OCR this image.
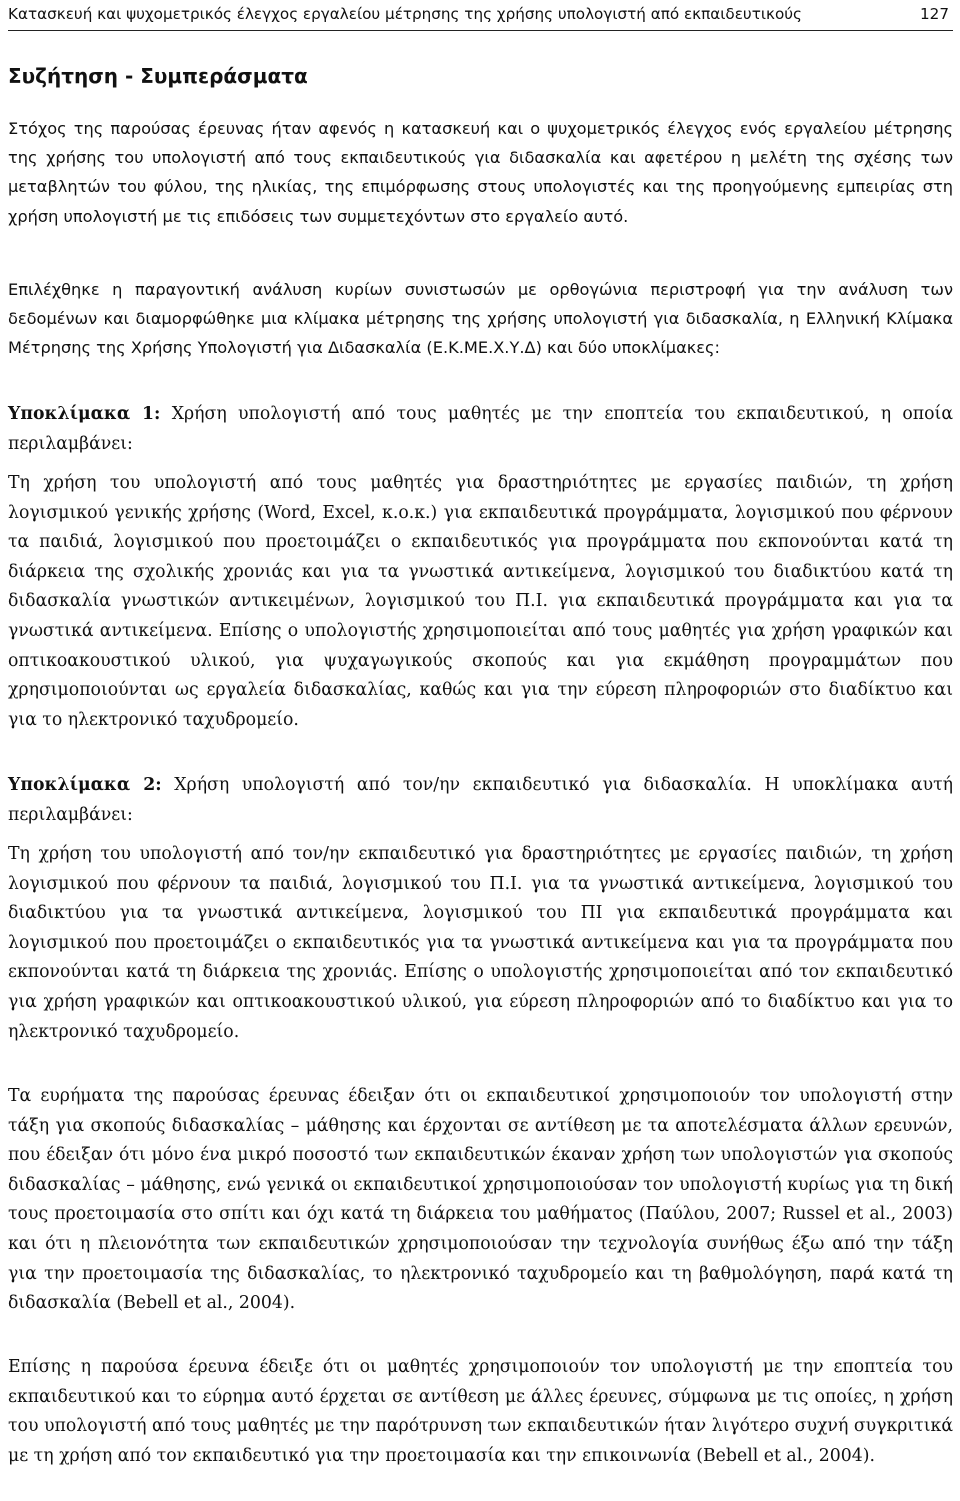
Κατασκευή και ψυχομετρικός έλεγχος εργαλείου μέτρησης της χρήσης υπολογιστή από εκπαιδευτικούς	127
Συζήτηση - Συμπεράσματα

Στόχος της παρούσας έρευνας ήταν αφενός η κατασκευή και ο ψυχομετρικός έλεγχος ενός εργαλείου μέτρησης της χρήσης του υπολογιστή από τους εκπαιδευτικούς για διδασκαλία και αφετέρου η μελέτη της σχέσης των μεταβλητών του φύλου, της ηλικίας, της επιμόρφωσης στους υπολογιστές και της προηγούμενης εμπειρίας στη χρήση υπολογιστή με τις επιδόσεις των συμμετεχόντων στο εργαλείο αυτό.

Επιλέχθηκε η παραγοντική ανάλυση κυρίων συνιστωσών με ορθογώνια περιστροφή για την ανάλυση των δεδομένων και διαμορφώθηκε μια κλίμακα μέτρησης της χρήσης υπολογιστή για διδασκαλία, η Ελληνική Κλίμακα Μέτρησης της Χρήσης Υπολογιστή για Διδασκαλία (Ε.Κ.ΜΕ.Χ.Υ.Δ) και δύο υποκλίμακες:

Υποκλίμακα 1: Χρήση υπολογιστή από τους μαθητές με την εποπτεία του εκπαιδευτικού, η οποία περιλαμβάνει:

Τη χρήση του υπολογιστή από τους μαθητές για δραστηριότητες με εργασίες παιδιών, τη χρήση λογισμικού γενικής χρήσης (Word, Excel, κ.ο.κ.) για εκπαιδευτικά προγράμματα, λογισμικού που φέρνουν τα παιδιά, λογισμικού που προετοιμάζει ο εκπαιδευτικός για προγράμματα που εκπονούνται κατά τη διάρκεια της σχολικής χρονιάς και για τα γνωστικά αντικείμενα, λογισμικού του διαδικτύου κατά τη διδασκαλία γνωστικών αντικειμένων, λογισμικού του Π.Ι. για εκπαιδευτικά προγράμματα και για τα γνωστικά αντικείμενα. Επίσης ο υπολογιστής χρησιμοποιείται από τους μαθητές για χρήση γραφικών και οπτικοακουστικού υλικού, για ψυχαγωγικούς σκοπούς και για εκμάθηση προγραμμάτων που χρησιμοποιούνται ως εργαλεία διδασκαλίας, καθώς και για την εύρεση πληροφοριών στο διαδίκτυο και για το ηλεκτρονικό ταχυδρομείο.

Υποκλίμακα 2: Χρήση υπολογιστή από τον/ην εκπαιδευτικό για διδασκαλία. Η υποκλίμακα αυτή περιλαμβάνει:

Τη χρήση του υπολογιστή από τον/ην εκπαιδευτικό για δραστηριότητες με εργασίες παιδιών, τη χρήση λογισμικού που φέρνουν τα παιδιά, λογισμικού του Π.Ι. για τα γνωστικά αντικείμενα, λογισμικού του διαδικτύου για τα γνωστικά αντικείμενα, λογισμικού του ΠΙ για εκπαιδευτικά προγράμματα και λογισμικού που προετοιμάζει ο εκπαιδευτικός για τα γνωστικά αντικείμενα και για τα προγράμματα που εκπονούνται κατά τη διάρκεια της χρονιάς. Επίσης ο υπολογιστής χρησιμοποιείται από τον εκπαιδευτικό για χρήση γραφικών και οπτικοακουστικού υλικού, για εύρεση πληροφοριών από το διαδίκτυο και για το ηλεκτρονικό ταχυδρομείο.

Τα ευρήματα της παρούσας έρευνας έδειξαν ότι οι εκπαιδευτικοί χρησιμοποιούν τον υπολογιστή στην τάξη για σκοπούς διδασκαλίας – μάθησης και έρχονται σε αντίθεση με τα αποτελέσματα άλλων ερευνών, που έδειξαν ότι μόνο ένα μικρό ποσοστό των εκπαιδευτικών έκαναν χρήση των υπολογιστών για σκοπούς διδασκαλίας – μάθησης, ενώ γενικά οι εκπαιδευτικοί χρησιμοποιούσαν τον υπολογιστή κυρίως για τη δική τους προετοιμασία στο σπίτι και όχι κατά τη διάρκεια του μαθήματος (Παύλου, 2007; Russel et al., 2003) και ότι η πλειονότητα των εκπαιδευτικών χρησιμοποιούσαν την τεχνολογία συνήθως έξω από την τάξη για την προετοιμασία της διδασκαλίας, το ηλεκτρονικό ταχυδρομείο και τη βαθμολόγηση, παρά κατά τη διδασκαλία (Bebell et al., 2004).

Επίσης η παρούσα έρευνα έδειξε ότι οι μαθητές χρησιμοποιούν τον υπολογιστή με την εποπτεία του εκπαιδευτικού και το εύρημα αυτό έρχεται σε αντίθεση με άλλες έρευνες, σύμφωνα με τις οποίες, η χρήση του υπολογιστή από τους μαθητές με την παρότρυνση των εκπαιδευτικών ήταν λιγότερο συχνή συγκριτικά με τη χρήση από τον εκπαιδευτικό για την προετοιμασία και την επικοινωνία (Bebell et al., 2004).
